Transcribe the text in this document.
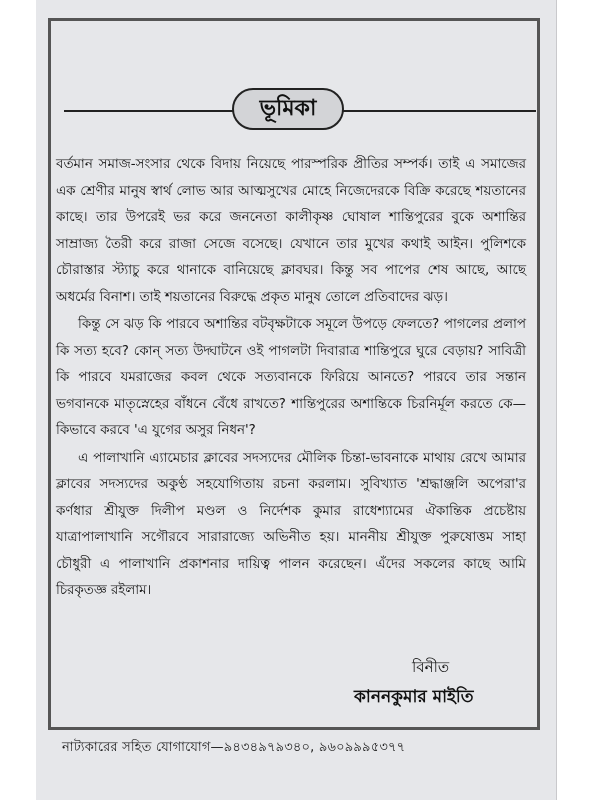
ভূমিকা

বর্তমান সমাজ-সংসার থেকে বিদায় নিয়েছে পারস্পরিক প্রীতির সম্পর্ক। তাই এ সমাজের এক শ্রেণীর মানুষ স্বার্থ লোভ আর আত্মসুখের মোহে নিজেদেরকে বিক্রি করেছে শয়তানের কাছে। তার উপরেই ভর করে জননেতা কালীকৃষ্ণ ঘোষাল শান্তিপুরের বুকে অশান্তির সাম্রাজ্য তৈরী করে রাজা সেজে বসেছে। যেখানে তার মুখের কথাই আইন। পুলিশকে চৌরাস্তার স্ট্যাচু করে থানাকে বানিয়েছে ক্লাবঘর। কিন্তু সব পাপের শেষ আছে, আছে অধর্মের বিনাশ। তাই শয়তানের বিরুদ্ধে প্রকৃত মানুষ তোলে প্রতিবাদের ঝড়।

কিন্তু সে ঝড় কি পারবে অশান্তির বটবৃক্ষটাকে সমূলে উপড়ে ফেলতে? পাগলের প্রলাপ কি সত্য হবে? কোন্ সত্য উদ্ঘাটনে ওই পাগলটা দিবারাত্র শান্তিপুরে ঘুরে বেড়ায়? সাবিত্রী কি পারবে যমরাজের কবল থেকে সত্যবানকে ফিরিয়ে আনতে? পারবে তার সন্তান ভগবানকে মাতৃস্নেহের বাঁধনে বেঁধে রাখতে? শান্তিপুরের অশান্তিকে চিরনির্মূল করতে কে—কিভাবে করবে 'এ যুগের অসুর নিধন'?

এ পালাখানি এ্যামেচার ক্লাবের সদস্যদের মৌলিক চিন্তা-ভাবনাকে মাথায় রেখে আমার ক্লাবের সদস্যদের অকুণ্ঠ সহযোগিতায় রচনা করলাম। সুবিখ্যাত 'শ্রদ্ধাঞ্জলি অপেরা'র কর্ণধার শ্রীযুক্ত দিলীপ মণ্ডল ও নির্দেশক কুমার রাধেশ্যামের ঐকান্তিক প্রচেষ্টায় যাত্রাপালাখানি সগৌরবে সারারাজ্যে অভিনীত হয়। মাননীয় শ্রীযুক্ত পুরুষোত্তম সাহা চৌধুরী এ পালাখানি প্রকাশনার দায়িত্ব পালন করেছেন। এঁদের সকলের কাছে আমি চিরকৃতজ্ঞ রইলাম।

বিনীত
কাননকুমার মাইতি
নাট্যকারের সহিত যোগাযোগ—৯৪৩৪৯৭৯৩৪০, ৯৬০৯৯৯৫৩৭৭
